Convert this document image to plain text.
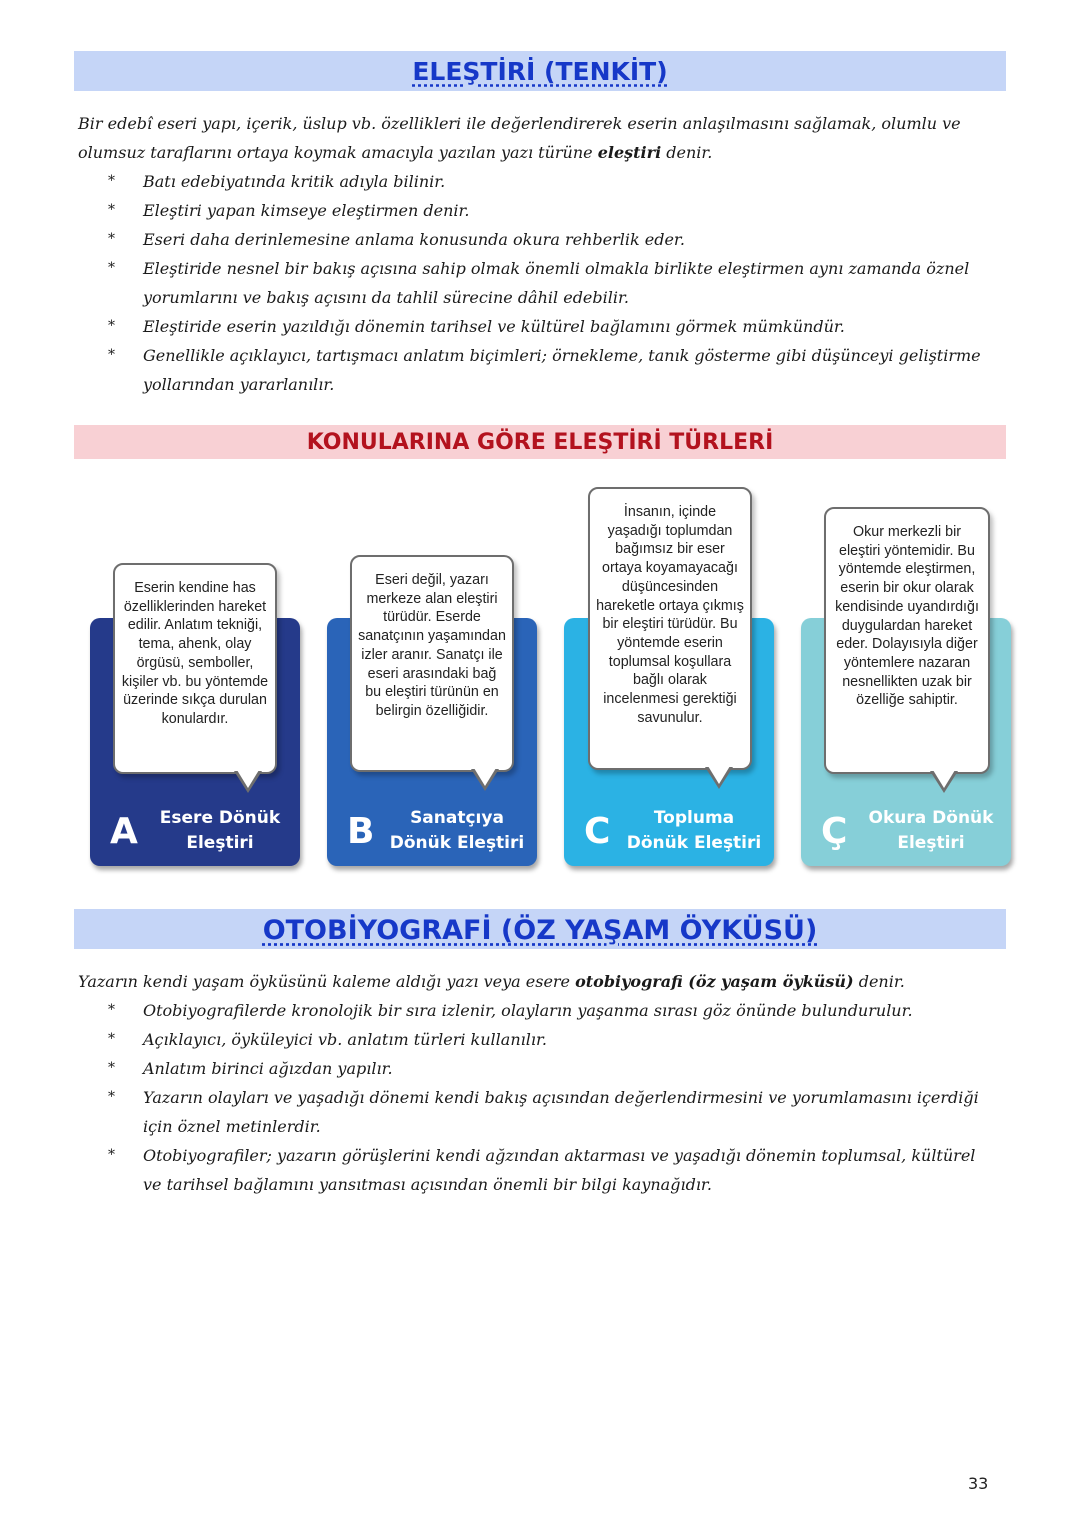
ELEŞTİRİ (TENKİT)
Bir edebî eseri yapı, içerik, üslup vb. özellikleri ile değerlendirerek eserin anlaşılmasını sağlamak, olumlu ve olumsuz taraflarını ortaya koymak amacıyla yazılan yazı türüne eleştiri denir.
* Batı edebiyatında kritik adıyla bilinir.
* Eleştiri yapan kimseye eleştirmen denir.
* Eseri daha derinlemesine anlama konusunda okura rehberlik eder.
* Eleştiride nesnel bir bakış açısına sahip olmak önemli olmakla birlikte eleştirmen aynı zamanda öznel yorumlarını ve bakış açısını da tahlil sürecine dâhil edebilir.
* Eleştiride eserin yazıldığı dönemin tarihsel ve kültürel bağlamını görmek mümkündür.
* Genellikle açıklayıcı, tartışmacı anlatım biçimleri; örnekleme, tanık gösterme gibi düşünceyi geliştirme yollarından yararlanılır.
KONULARINA GÖRE ELEŞTİRİ TÜRLERİ
A	Esere Dönük Eleştiri
Eserin kendine has özelliklerinden hareket edilir. Anlatım tekniği, tema, ahenk, olay örgüsü, semboller, kişiler vb. bu yöntemde üzerinde sıkça durulan konulardır.
B	Sanatçıya Dönük Eleştiri
Eseri değil, yazarı merkeze alan eleştiri türüdür. Eserde sanatçının yaşamından izler aranır. Sanatçı ile eseri arasındaki bağ bu eleştiri türünün en belirgin özelliğidir.
C	Topluma Dönük Eleştiri
İnsanın, içinde yaşadığı toplumdan bağımsız bir eser ortaya koyamayacağı düşüncesinden hareketle ortaya çıkmış bir eleştiri türüdür. Bu yöntemde eserin toplumsal koşullara bağlı olarak incelenmesi gerektiği savunulur.
Ç	Okura Dönük Eleştiri
Okur merkezli bir eleştiri yöntemidir. Bu yöntemde eleştirmen, eserin bir okur olarak kendisinde uyandırdığı duygulardan hareket eder. Dolayısıyla diğer yöntemlere nazaran nesnellikten uzak bir özelliğe sahiptir.
OTOBİYOGRAFİ (ÖZ YAŞAM ÖYKÜSÜ)
Yazarın kendi yaşam öyküsünü kaleme aldığı yazı veya esere otobiyografi (öz yaşam öyküsü) denir.
* Otobiyografilerde kronolojik bir sıra izlenir, olayların yaşanma sırası göz önünde bulundurulur.
* Açıklayıcı, öyküleyici vb. anlatım türleri kullanılır.
* Anlatım birinci ağızdan yapılır.
* Yazarın olayları ve yaşadığı dönemi kendi bakış açısından değerlendirmesini ve yorumlamasını içerdiği için öznel metinlerdir.
* Otobiyografiler; yazarın görüşlerini kendi ağzından aktarması ve yaşadığı dönemin toplumsal, kültürel ve tarihsel bağlamını yansıtması açısından önemli bir bilgi kaynağıdır.
33
